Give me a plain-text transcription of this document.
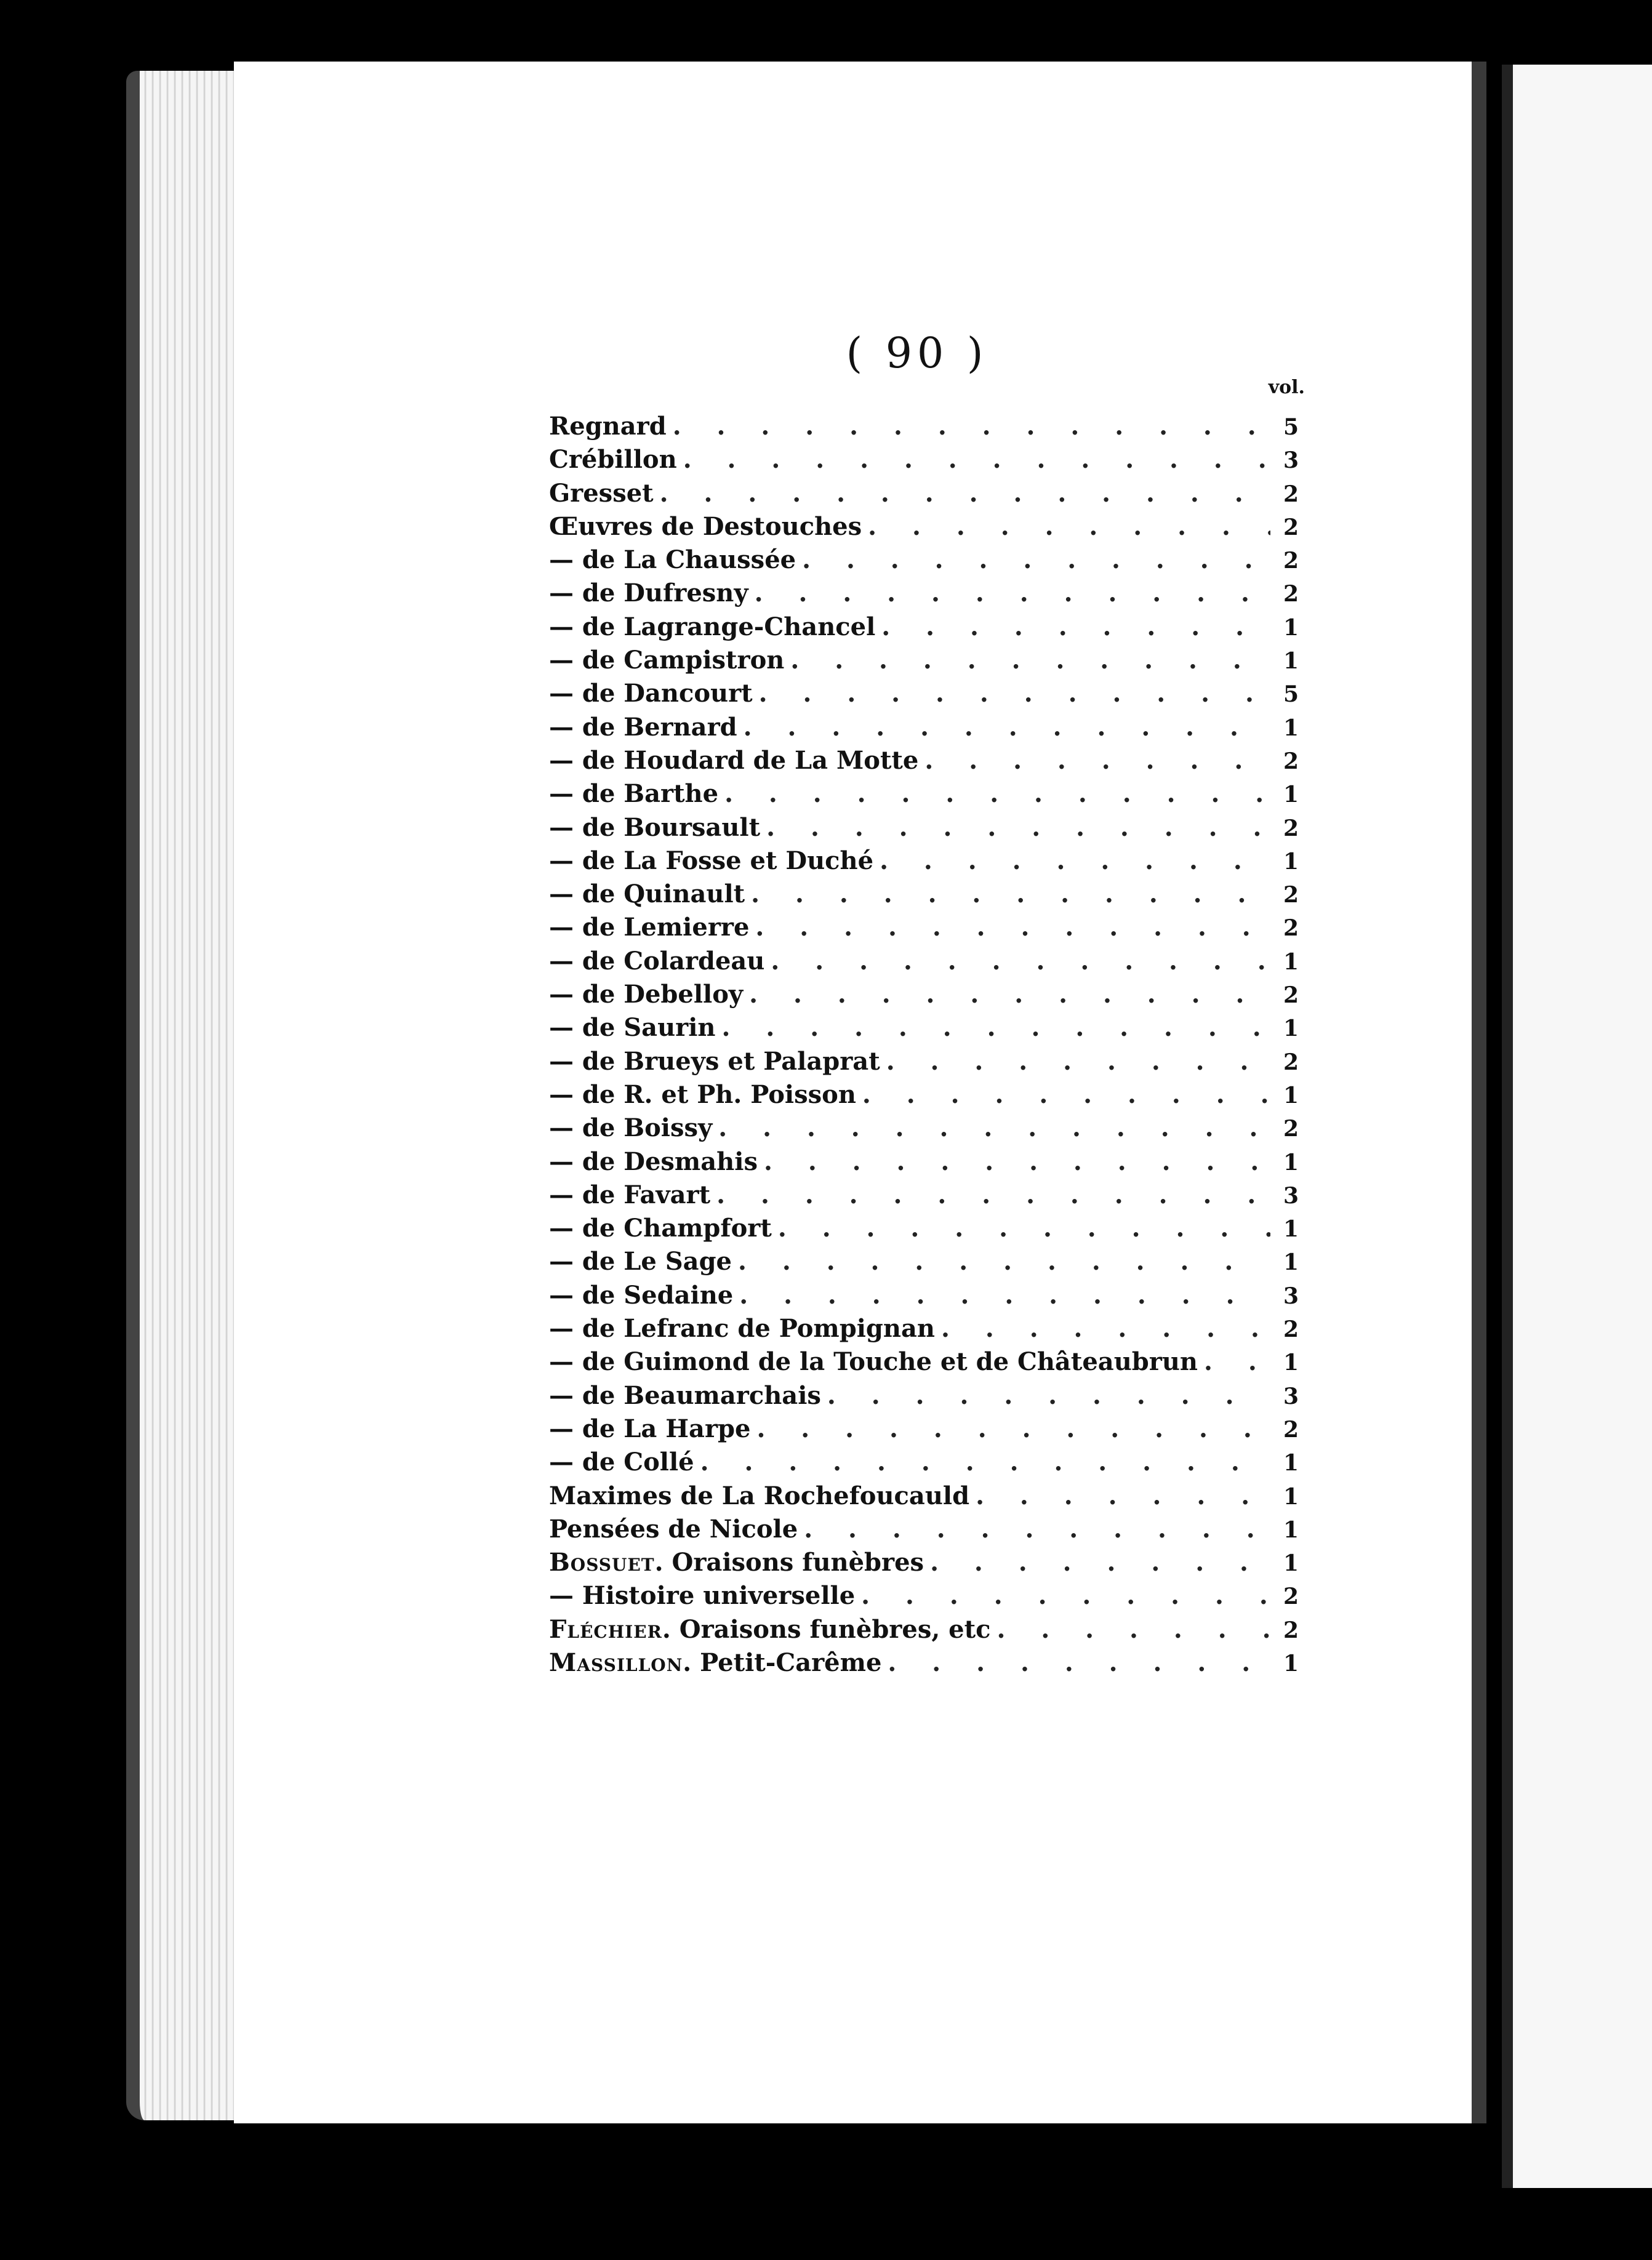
( 90 )
vol.
Regnard . . .	5
Crébillon . . .	3
Gresset . . .	2
Œuvres de Destouches . . .	2
— de La Chaussée . . .	2
— de Dufresny . . .	2
— de Lagrange-Chancel . . .	1
— de Campistron . . .	1
— de Dancourt . . .	5
— de Bernard . . .	1
— de Houdard de La Motte . . .	2
— de Barthe . . .	1
— de Boursault . . .	2
— de La Fosse et Duché . . .	1
— de Quinault . . .	2
— de Lemierre . . .	2
— de Colardeau . . .	1
— de Debelloy . . .	2
— de Saurin . . .	1
— de Brueys et Palaprat . . .	2
— de R. et Ph. Poisson . . .	1
— de Boissy . . .	2
— de Desmahis . . .	1
— de Favart . . .	3
— de Champfort . . .	1
— de Le Sage . . .	1
— de Sedaine . . .	3
— de Lefranc de Pompignan . . .	2
— de Guimond de la Touche et de Châteaubrun . . .	1
— de Beaumarchais . . .	3
— de La Harpe . . .	2
— de Collé . . .	1
Maximes de La Rochefoucauld . . .	1
Pensées de Nicole . . .	1
Bossuet. Oraisons funèbres . . .	1
— Histoire universelle . . .	2
Fléchier. Oraisons funèbres, etc . . .	2
Massillon. Petit-Carême . . .	1
